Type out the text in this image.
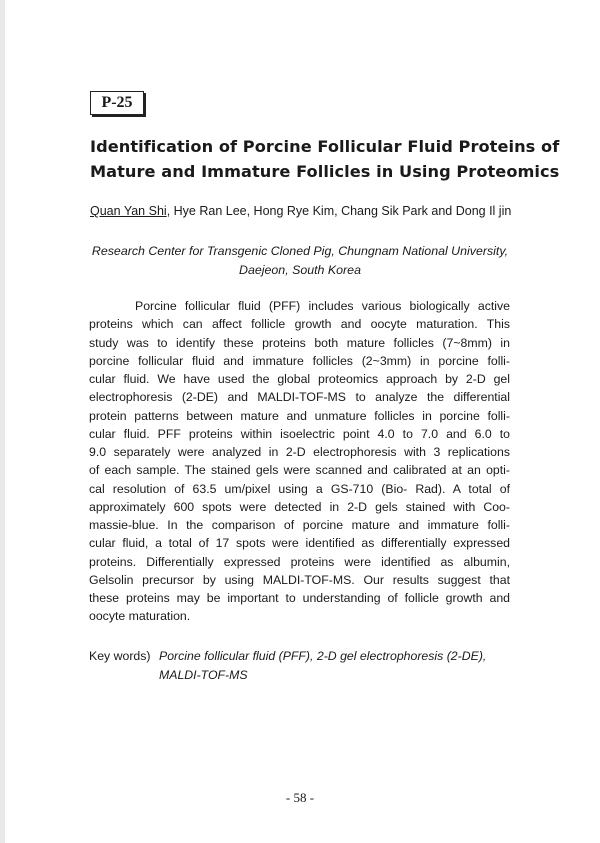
P-25
Identification of Porcine Follicular Fluid Proteins of
Mature and Immature Follicles in Using Proteomics
Quan Yan Shi, Hye Ran Lee, Hong Rye Kim, Chang Sik Park and Dong Il jin
Research Center for Transgenic Cloned Pig, Chungnam National University,
Daejeon, South Korea
Porcine follicular fluid (PFF) includes various biologically active
proteins which can affect follicle growth and oocyte maturation. This
study was to identify these proteins both mature follicles (7~8mm) in
porcine follicular fluid and immature follicles (2~3mm) in porcine folli-
cular fluid. We have used the global proteomics approach by 2-D gel
electrophoresis (2-DE) and MALDI-TOF-MS to analyze the differential
protein patterns between mature and unmature follicles in porcine folli-
cular fluid. PFF proteins within isoelectric point 4.0 to 7.0 and 6.0 to
9.0 separately were analyzed in 2-D electrophoresis with 3 replications
of each sample. The stained gels were scanned and calibrated at an opti-
cal resolution of 63.5 um/pixel using a GS-710 (Bio- Rad). A total of
approximately 600 spots were detected in 2-D gels stained with Coo-
massie-blue. In the comparison of porcine mature and immature folli-
cular fluid, a total of 17 spots were identified as differentially expressed
proteins. Differentially expressed proteins were identified as albumin,
Gelsolin precursor by using MALDI-TOF-MS. Our results suggest that
these proteins may be important to understanding of follicle growth and
oocyte maturation.
Key words) Porcine follicular fluid (PFF), 2-D gel electrophoresis (2-DE),
MALDI-TOF-MS
- 58 -
